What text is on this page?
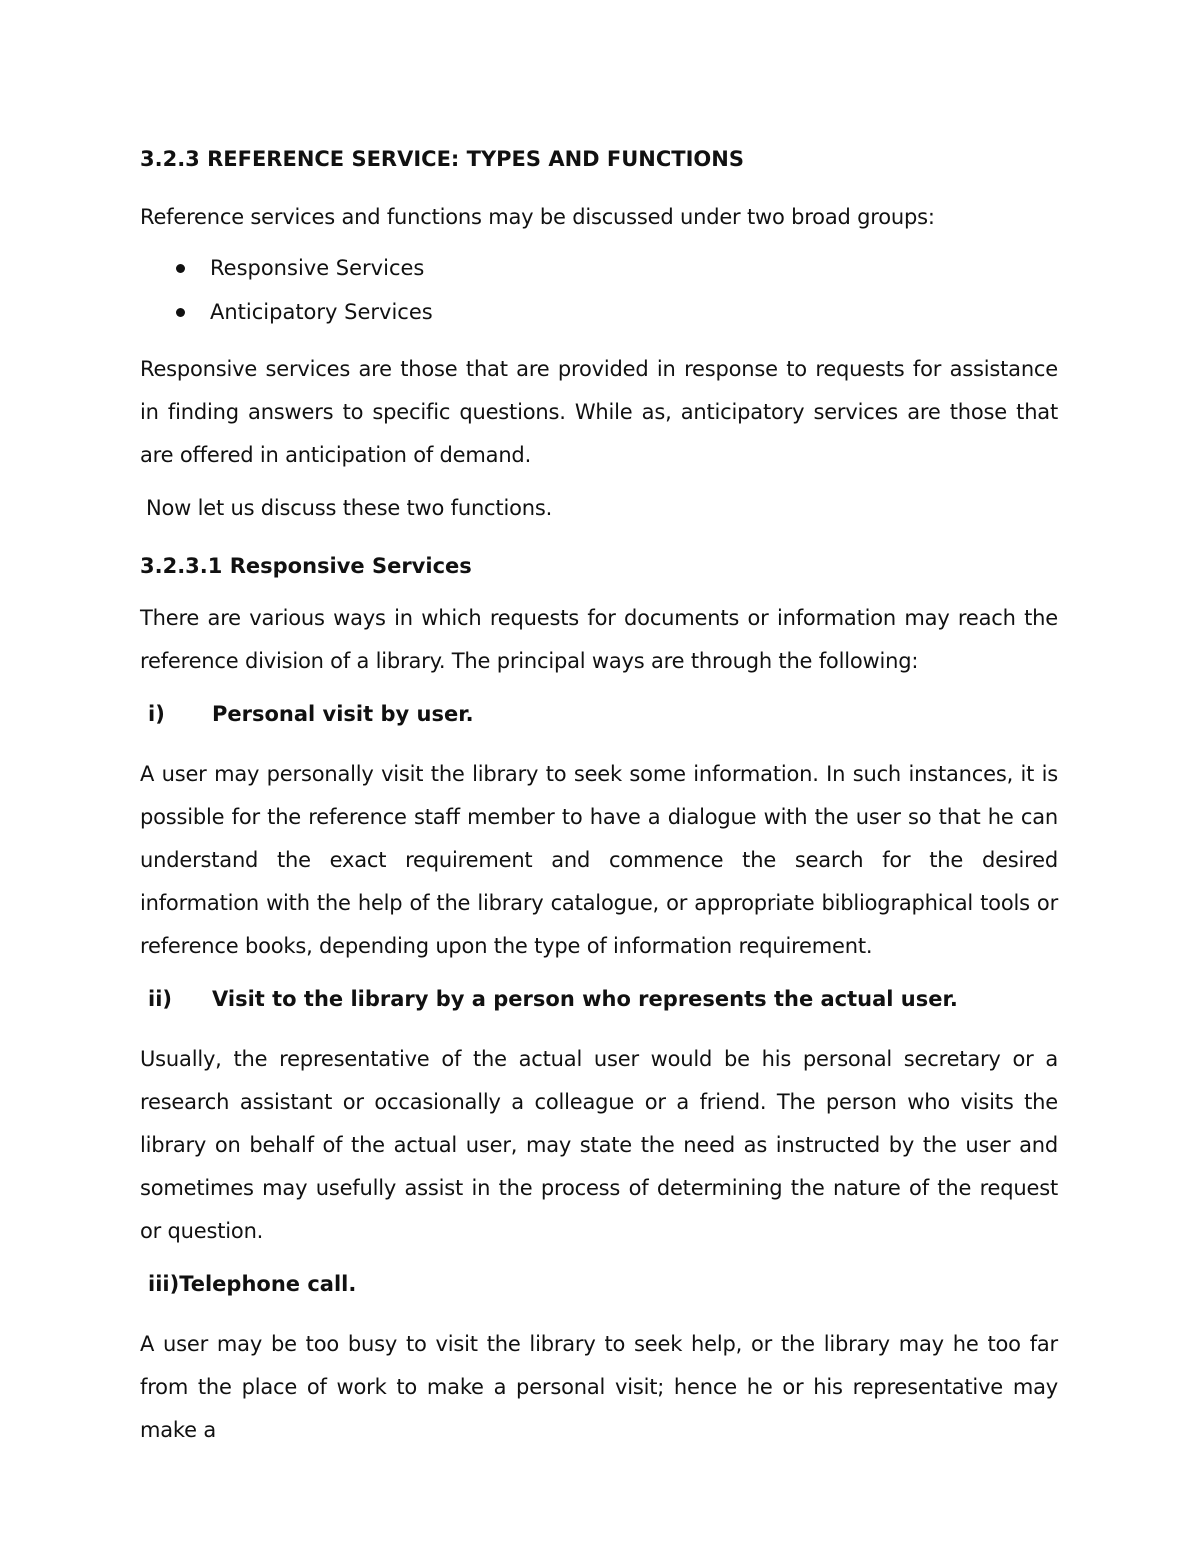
3.2.3 REFERENCE SERVICE: TYPES AND FUNCTIONS

Reference services and functions may be discussed under two broad groups:

Responsive Services
Anticipatory Services

Responsive services are those that are provided in response to requests for assistance in finding answers to specific questions. While as, anticipatory services are those that are offered in anticipation of demand.

Now let us discuss these two functions.

3.2.3.1 Responsive Services

There are various ways in which requests for documents or information may reach the reference division of a library. The principal ways are through the following:

i) Personal visit by user.

A user may personally visit the library to seek some information. In such instances, it is possible for the reference staff member to have a dialogue with the user so that he can understand the exact requirement and commence the search for the desired information with the help of the library catalogue, or appropriate bibliographical tools or reference books, depending upon the type of information requirement.

ii) Visit to the library by a person who represents the actual user.

Usually, the representative of the actual user would be his personal secretary or a research assistant or occasionally a colleague or a friend. The person who visits the library on behalf of the actual user, may state the need as instructed by the user and sometimes may usefully assist in the process of determining the nature of the request or question.

iii)Telephone call.

A user may be too busy to visit the library to seek help, or the library may he too far from the place of work to make a personal visit; hence he or his representative may make a
